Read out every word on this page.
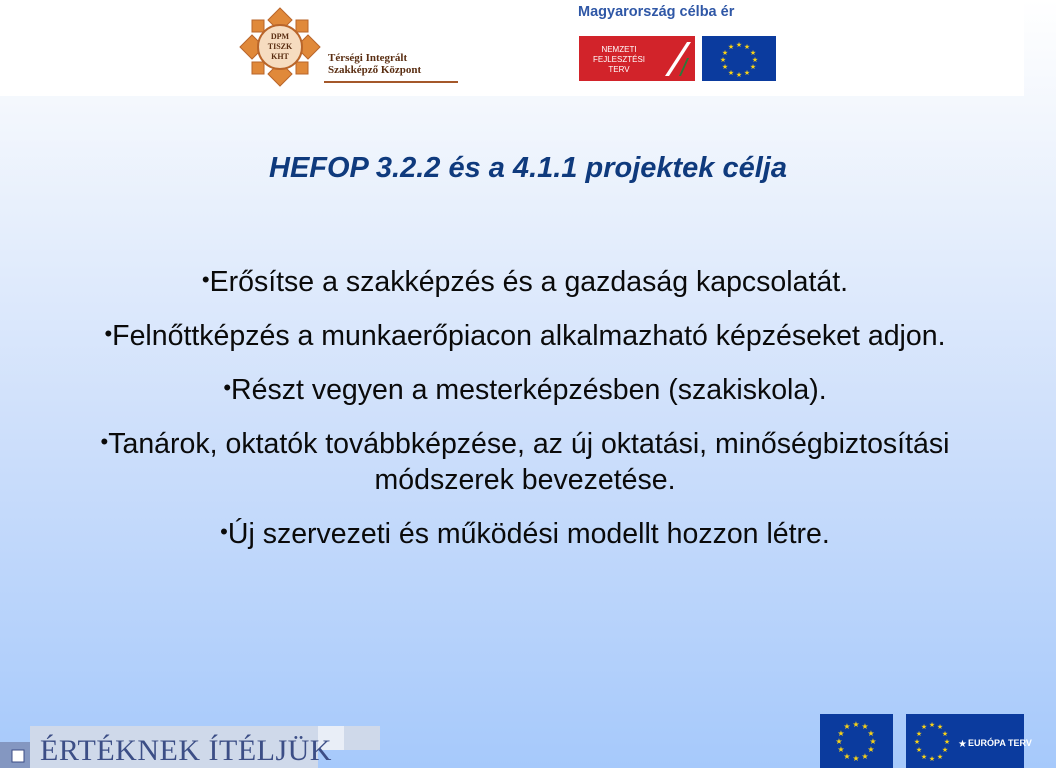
DPM
TISZK
KHT	Térségi Integrált
Szakképző Központ
Magyarország célba ér
NEMZETI
FEJLESZTÉSI
TERV
★ ★
★
★
★
★
★
★
★
★
★
★
HEFOP 3.2.2 és a 4.1.1 projektek célja
•Erősítse a szakképzés és a gazdaság kapcsolatát.
•Felnőttképzés a munkaerőpiacon alkalmazható képzéseket adjon.
•Részt vegyen a mesterképzésben (szakiskola).
•Tanárok, oktatók továbbképzése, az új oktatási, minőségbiztosítási módszerek bevezetése.
•Új szervezeti és működési modellt hozzon létre.
ÉRTÉKNEK ÍTÉLJÜK
★ ★
★
★
★
★
★
★
★
★
★
★	★ ★
★
★
★
★
★
★
★
★
★
★
★ EURÓPA TERV
